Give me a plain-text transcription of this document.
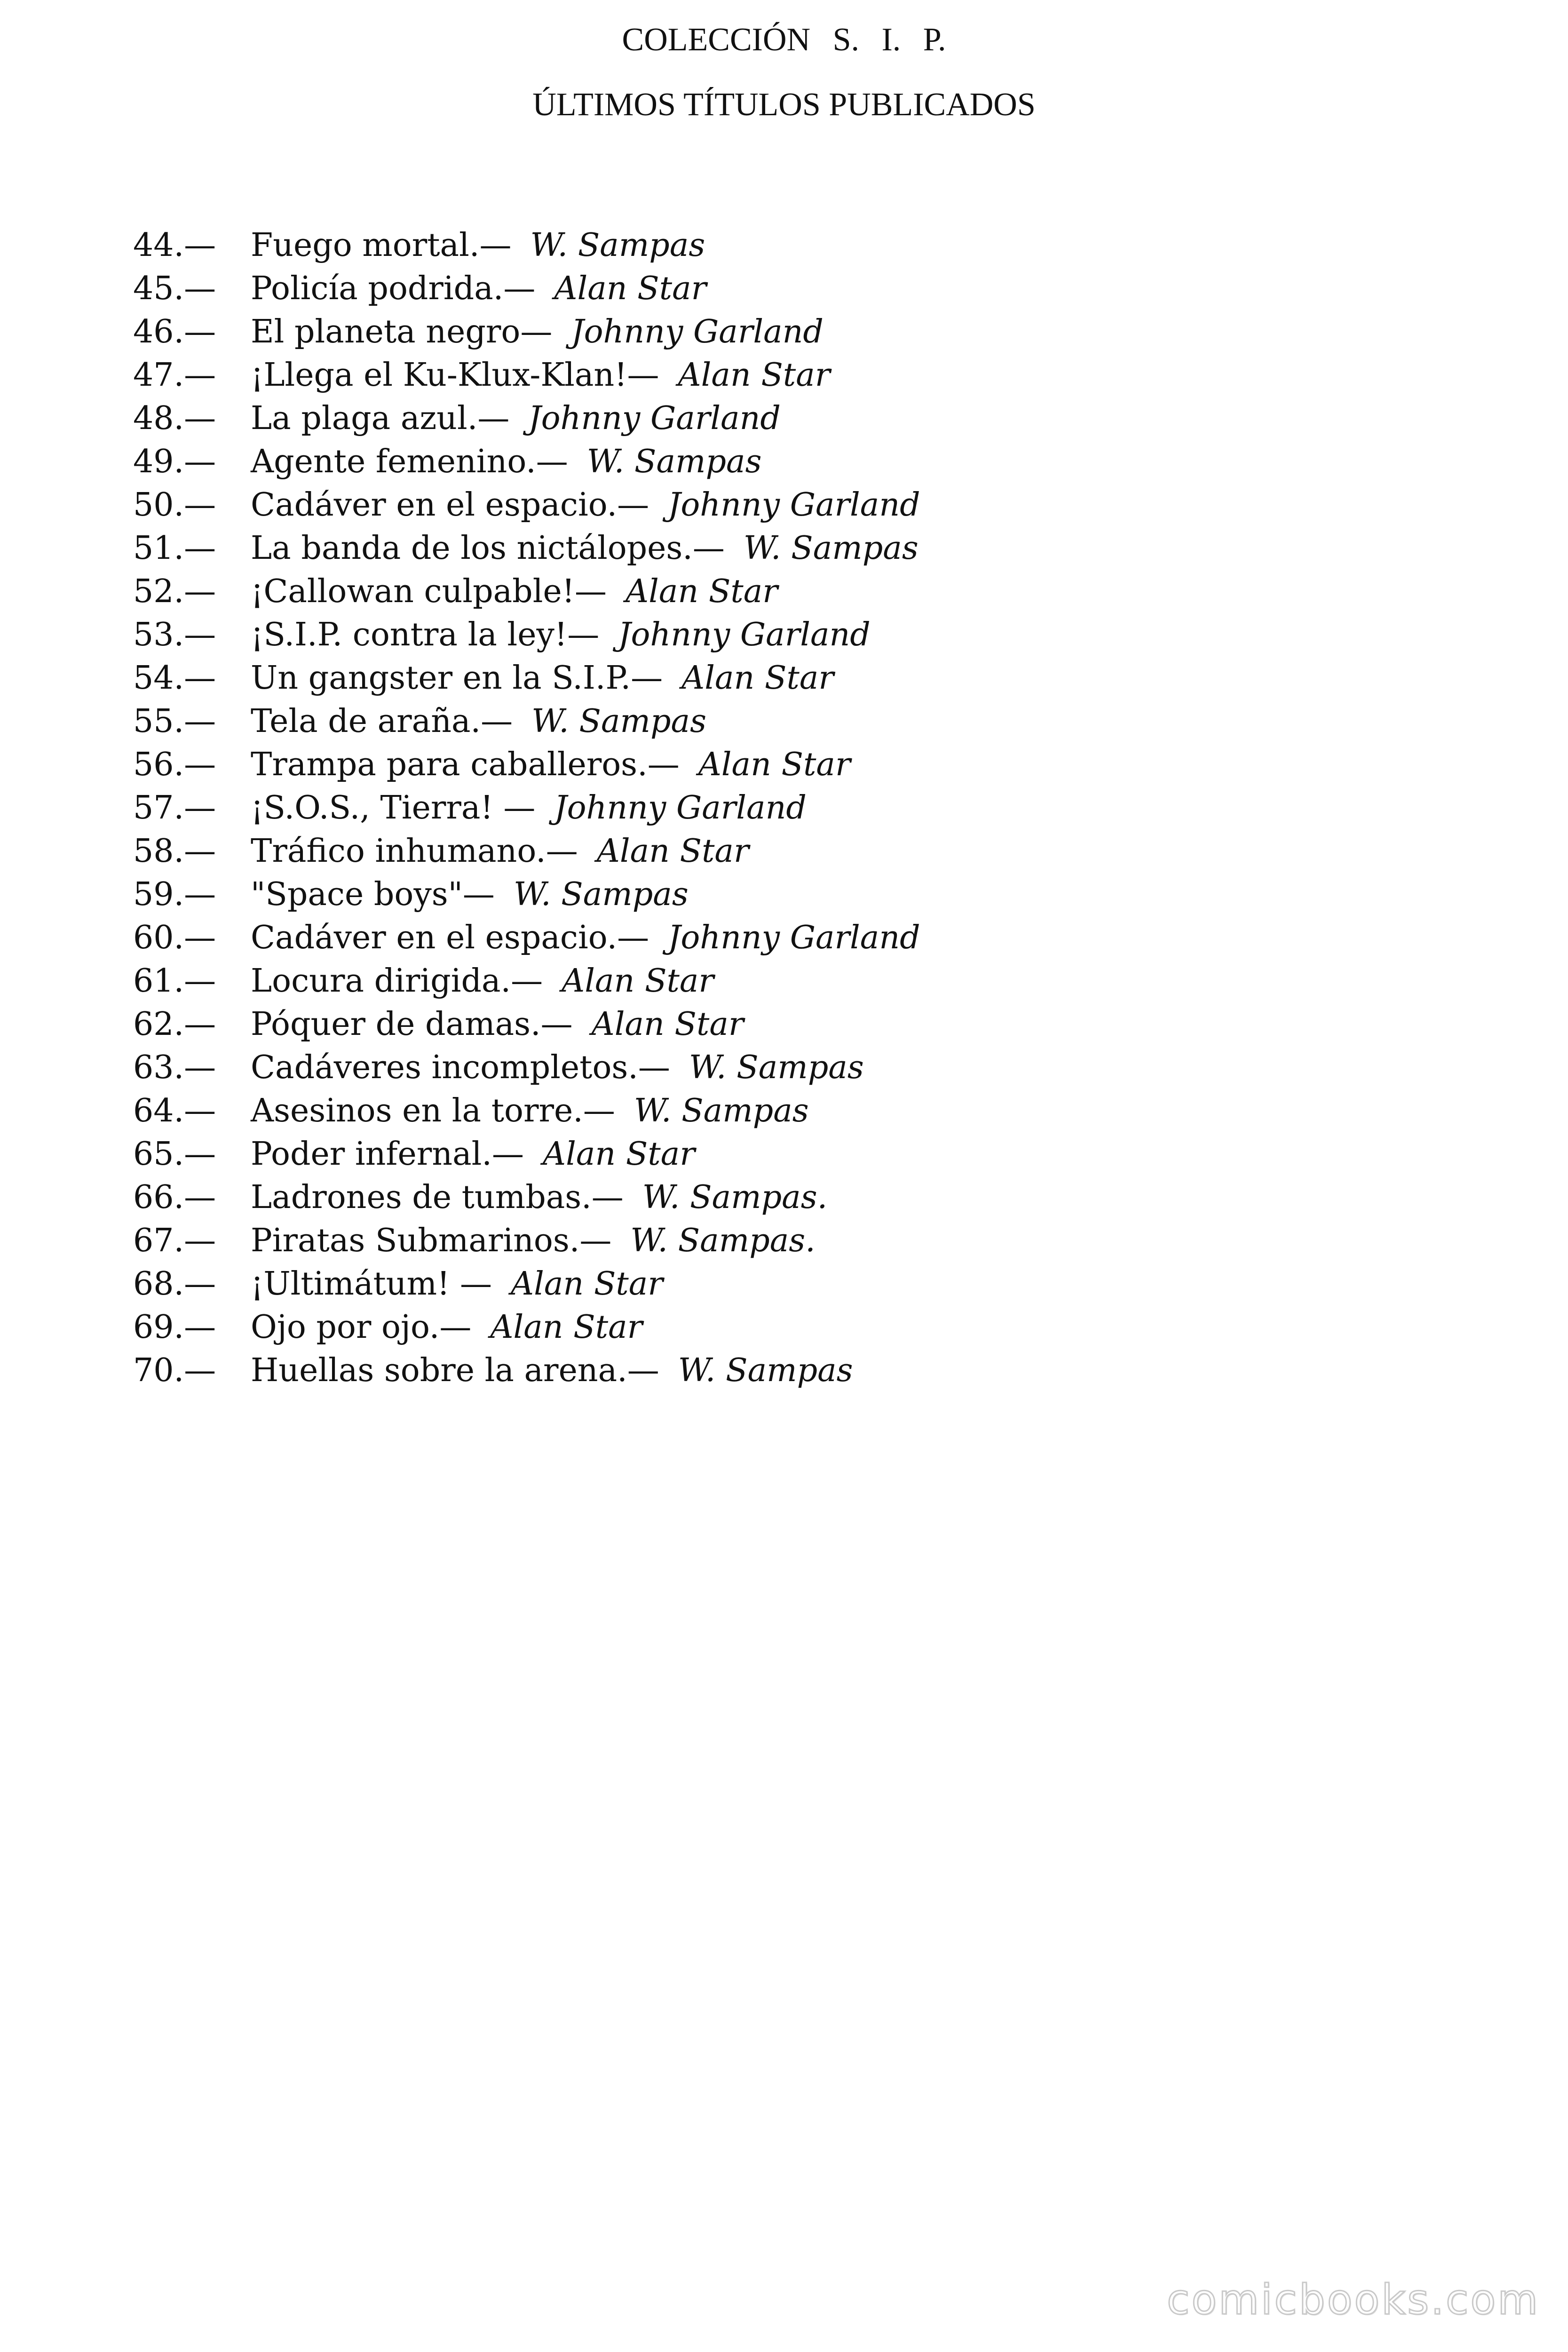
COLECCIÓN S. I. P.
ÚLTIMOS TÍTULOS PUBLICADOS
44.— Fuego mortal.— W. Sampas
45.— Policía podrida.— Alan Star
46.— El planeta negro— Johnny Garland
47.— ¡Llega el Ku-Klux-Klan!— Alan Star
48.— La plaga azul.— Johnny Garland
49.— Agente femenino.— W. Sampas
50.— Cadáver en el espacio.— Johnny Garland
51.— La banda de los nictálopes.— W. Sampas
52.— ¡Callowan culpable!— Alan Star
53.— ¡S.I.P. contra la ley!— Johnny Garland
54.— Un gangster en la S.I.P.— Alan Star
55.— Tela de araña.— W. Sampas
56.— Trampa para caballeros.— Alan Star
57.— ¡S.O.S., Tierra! — Johnny Garland
58.— Tráfico inhumano.— Alan Star
59.— "Space boys"— W. Sampas
60.— Cadáver en el espacio.— Johnny Garland
61.— Locura dirigida.— Alan Star
62.— Póquer de damas.— Alan Star
63.— Cadáveres incompletos.— W. Sampas
64.— Asesinos en la torre.— W. Sampas
65.— Poder infernal.— Alan Star
66.— Ladrones de tumbas.— W. Sampas.
67.— Piratas Submarinos.— W. Sampas.
68.— ¡Ultimátum! — Alan Star
69.— Ojo por ojo.— Alan Star
70.— Huellas sobre la arena.— W. Sampas
comicbooks.com
